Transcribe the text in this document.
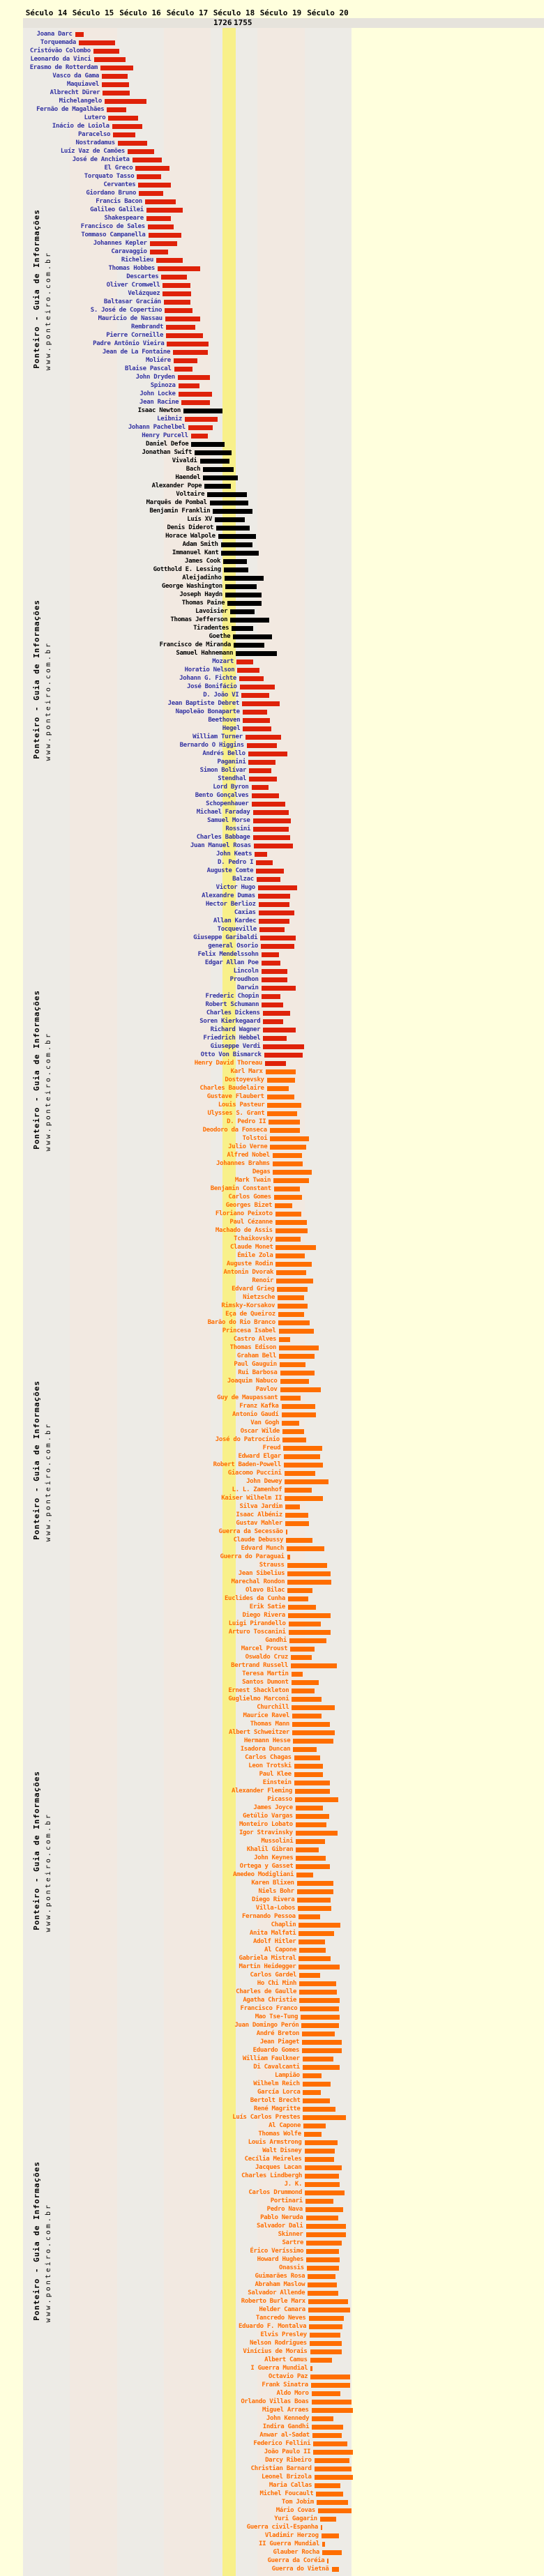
Século 14 Século 15 Século 16 Século 17 Século 18 Século 19 Século 20
1726 1755
Joana Darc
Torquemada
Cristóvão Colombo
Leonardo da Vinci
Erasmo de Rotterdam
Vasco da Gama
Maquiavel
Albrecht Dürer
Michelangelo
Fernão de Magalhães
Lutero
Inácio de Loiola
Paracelso
Nostradamus
Luíz Vaz de Camões
José de Anchieta
El Greco
Torquato Tasso
Cervantes
Giordano Bruno
Francis Bacon
Galileo Galilei
Shakespeare
Francisco de Sales
Tommaso Campanella
Johannes Kepler
Caravaggio
Richelieu
Thomas Hobbes
Descartes
Oliver Cromwell
Velázquez
Baltasar Gracián
S. José de Copertino
Mauricio de Nassau
Rembrandt
Pierre Corneille
Padre Antônio Vieira
Jean de La Fontaine
Moliére
Blaise Pascal
John Dryden
Spinoza
John Locke
Jean Racine
Isaac Newton
Leibniz
Johann Pachelbel
Henry Purcell
Daniel Defoe
Jonathan Swift
Vivaldi
Bach
Haendel
Alexander Pope
Voltaire
Marquês de Pombal
Benjamin Franklin
Luís XV
Denis Diderot
Horace Walpole
Adam Smith
Immanuel Kant
James Cook
Gotthold E. Lessing
Aleijadinho
George Washington
Joseph Haydn
Thomas Paine
Lavoisier
Thomas Jefferson
Tiradentes
Goethe
Francisco de Miranda
Samuel Hahnemann
Mozart
Horatio Nelson
Johann G. Fichte
José Bonifácio
D. João VI
Jean Baptiste Debret
Napoleão Bonaparte
Beethoven
Hegel
William Turner
Bernardo O Higgins
Andrés Bello
Paganini
Simon Bolívar
Stendhal
Lord Byron
Bento Gonçalves
Schopenhauer
Michael Faraday
Samuel Morse
Rossini
Charles Babbage
Juan Manuel Rosas
John Keats
D. Pedro I
Auguste Comte
Balzac
Victor Hugo
Alexandre Dumas
Hector Berlioz
Caxias
Allan Kardec
Tocqueville
Giuseppe Garibaldi
general Osorio
Felix Mendelssohn
Edgar Allan Poe
Lincoln
Proudhon
Darwin
Frederic Chopin
Robert Schumann
Charles Dickens
Soren Kierkegaard
Richard Wagner
Friedrich Hebbel
Giuseppe Verdi
Otto Von Bismarck
Henry David Thoreau
Karl Marx
Dostoyevsky
Charles Baudelaire
Gustave Flaubert
Louis Pasteur
Ulysses S. Grant
D. Pedro II
Deodoro da Fonseca
Tolstoi
Julio Verne
Alfred Nobel
Johannes Brahms
Degas
Mark Twain
Benjamin Constant
Carlos Gomes
Georges Bizet
Floriano Peixoto
Paul Cézanne
Machado de Assis
Tchaikovsky
Claude Monet
Émile Zola
Auguste Rodin
Antonin Dvorak
Renoir
Edvard Grieg
Nietzsche
Rimsky-Korsakov
Eça de Queiroz
Barão do Rio Branco
Princesa Isabel
Castro Alves
Thomas Edison
Graham Bell
Paul Gauguin
Rui Barbosa
Joaquim Nabuco
Pavlov
Guy de Maupassant
Franz Kafka
Antonio Gaudí
Van Gogh
Oscar Wilde
José do Patrocínio
Freud
Edward Elgar
Robert Baden-Powell
Giacomo Puccini
John Dewey
L. L. Zamenhof
Kaiser Wilhelm II
Silva Jardim
Isaac Albéniz
Gustav Mahler
Guerra da Secessão
Claude Debussy
Edvard Munch
Guerra do Paraguai
Strauss
Jean Sibelius
Marechal Rondon
Olavo Bilac
Euclides da Cunha
Erik Satie
Diego Rivera
Luigi Pirandello
Arturo Toscanini
Gandhi
Marcel Proust
Oswaldo Cruz
Bertrand Russell
Teresa Martin
Santos Dumont
Ernest Shackleton
Guglielmo Marconi
Churchill
Maurice Ravel
Thomas Mann
Albert Schweitzer
Hermann Hesse
Isadora Duncan
Carlos Chagas
Leon Trotski
Paul Klee
Einstein
Alexander Fleming
Picasso
James Joyce
Getúlio Vargas
Monteiro Lobato
Igor Stravinsky
Mussolini
Khalil Gibran
John Keynes
Ortega y Gasset
Amedeo Modigliani
Karen Blixen
Niels Bohr
Diego Rivera
Villa-Lobos
Fernando Pessoa
Chaplin
Anita Malfati
Adolf Hitler
Al Capone
Gabriela Mistral
Martin Heidegger
Carlos Gardel
Ho Chi Minh
Charles de Gaulle
Agatha Christie
Francisco Franco
Mao Tse-Tung
Juan Domingo Perón
André Breton
Jean Piaget
Eduardo Gomes
William Faulkner
Di Cavalcanti
Lampião
Wilhelm Reich
García Lorca
Bertolt Brecht
René Magritte
Luís Carlos Prestes
Al Capone
Thomas Wolfe
Louis Armstrong
Walt Disney
Cecília Meireles
Jacques Lacan
Charles Lindbergh
J. K.
Carlos Drummond
Portinari
Pedro Nava
Pablo Neruda
Salvador Dali
Skinner
Sartre
Érico Veríssimo
Howard Hughes
Onassis
Guimarães Rosa
Abraham Maslow
Salvador Allende
Roberto Burle Marx
Helder Camara
Tancredo Neves
Eduardo F. Montalva
Elvis Presley
Nelson Rodrigues
Vinícius de Morais
Albert Camus
I Guerra Mundial
Octavio Paz
Frank Sinatra
Aldo Moro
Orlando Villas Boas
Miguel Arraes
John Kennedy
Indira Gandhi
Anwar al-Sadat
Federico Fellini
João Paulo II
Darcy Ribeiro
Christian Barnard
Leonel Brizola
Maria Callas
Michel Foucault
Tom Jobim
Mário Covas
Yuri Gagarin
Guerra civil-Espanha
Vladimir Herzog
II Guerra Mundial
Glauber Rocha
Guerra da Coréia
Guerra do Vietnã
Ponteiro - Guia de Informações www.ponteiro.com.br
Ponteiro - Guia de Informações www.ponteiro.com.br
Ponteiro - Guia de Informações www.ponteiro.com.br
Ponteiro - Guia de Informações www.ponteiro.com.br
Ponteiro - Guia de Informações www.ponteiro.com.br
Ponteiro - Guia de Informações www.ponteiro.com.br
